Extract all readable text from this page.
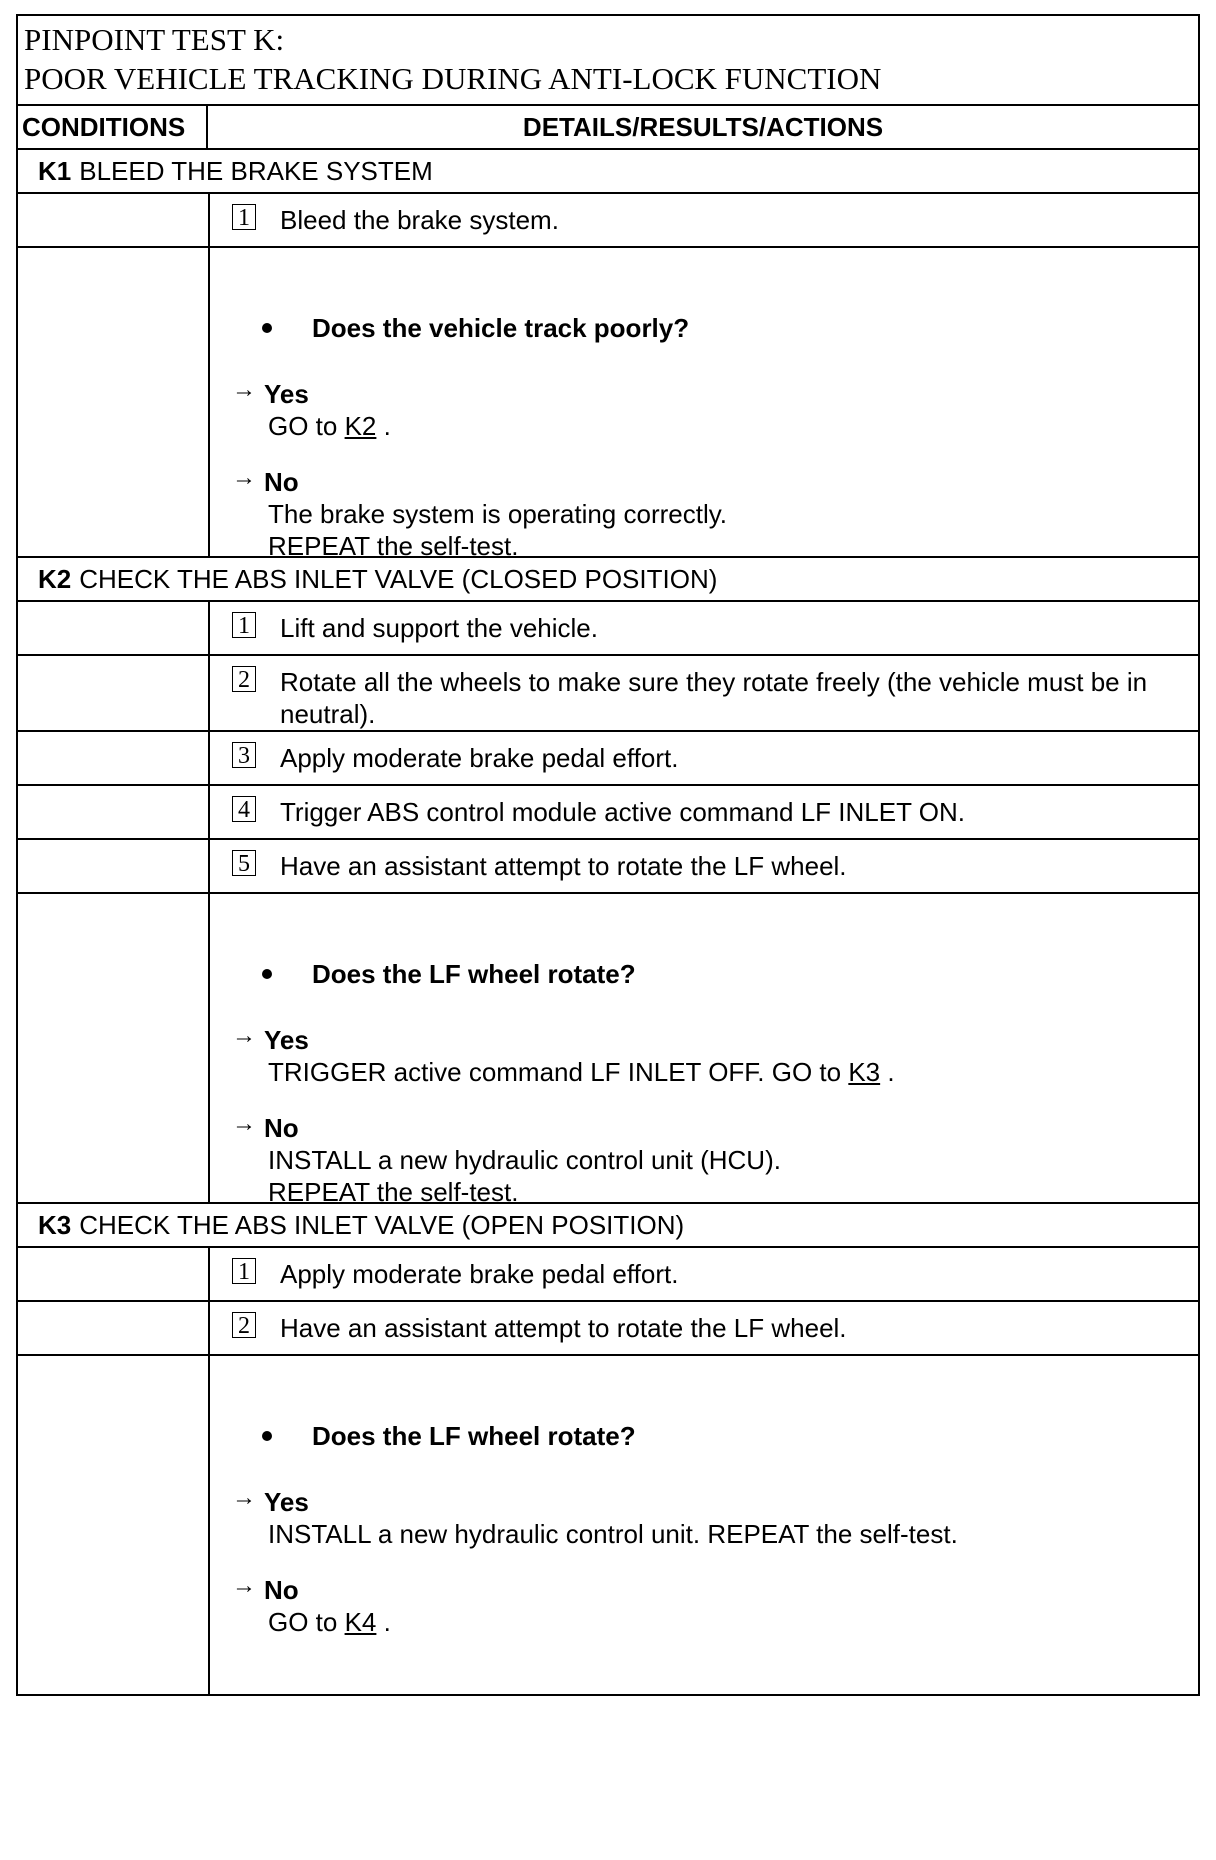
PINPOINT TEST K:
POOR VEHICLE TRACKING DURING ANTI-LOCK FUNCTION
CONDITIONS	DETAILS/RESULTS/ACTIONS
K1 BLEED THE BRAKE SYSTEM
1 Bleed the brake system.
Does the vehicle track poorly?
→ Yes
GO to K2 .
→ No
The brake system is operating correctly.
REPEAT the self-test.
K2 CHECK THE ABS INLET VALVE (CLOSED POSITION)
1 Lift and support the vehicle.
2 Rotate all the wheels to make sure they rotate freely (the vehicle must be in neutral).
3 Apply moderate brake pedal effort.
4 Trigger ABS control module active command LF INLET ON.
5 Have an assistant attempt to rotate the LF wheel.
Does the LF wheel rotate?
→ Yes
TRIGGER active command LF INLET OFF. GO to K3 .
→ No
INSTALL a new hydraulic control unit (HCU).
REPEAT the self-test.
K3 CHECK THE ABS INLET VALVE (OPEN POSITION)
1 Apply moderate brake pedal effort.
2 Have an assistant attempt to rotate the LF wheel.
Does the LF wheel rotate?
→ Yes
INSTALL a new hydraulic control unit. REPEAT the self-test.
→ No
GO to K4 .
